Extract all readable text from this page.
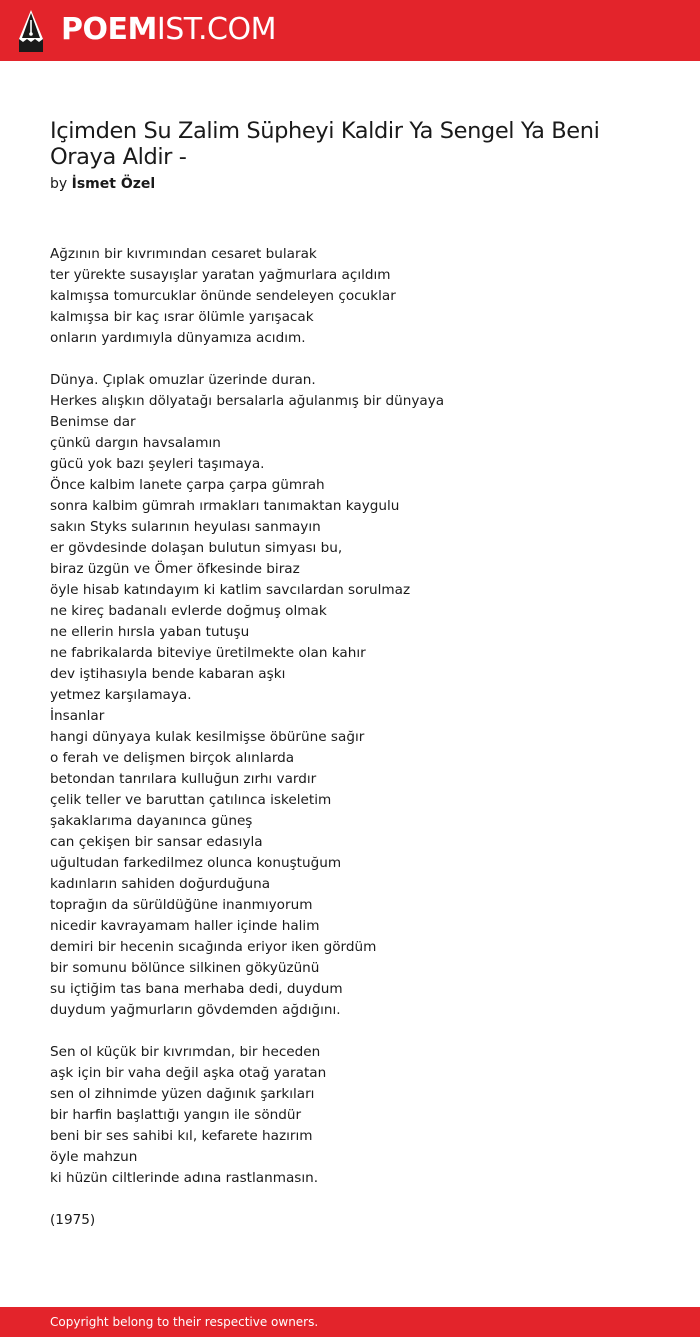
POEMIST.COM
Içimden Su Zalim Süpheyi Kaldir Ya Sengel Ya Beni Oraya Aldir -
by İsmet Özel
Ağzının bir kıvrımından cesaret bularak
ter yürekte susayışlar yaratan yağmurlara açıldım
kalmışsa tomurcuklar önünde sendeleyen çocuklar
kalmışsa bir kaç ısrar ölümle yarışacak
onların yardımıyla dünyamıza acıdım.
Dünya. Çıplak omuzlar üzerinde duran.
Herkes alışkın dölyatağı bersalarla ağulanmış bir dünyaya
Benimse dar
çünkü dargın havsalamın
gücü yok bazı şeyleri taşımaya.
Önce kalbim lanete çarpa çarpa gümrah
sonra kalbim gümrah ırmakları tanımaktan kaygulu
sakın Styks sularının heyulası sanmayın
er gövdesinde dolaşan bulutun simyası bu,
biraz üzgün ve Ömer öfkesinde biraz
öyle hisab katındayım ki katlim savcılardan sorulmaz
ne kireç badanalı evlerde doğmuş olmak
ne ellerin hırsla yaban tutuşu
ne fabrikalarda biteviye üretilmekte olan kahır
dev iştihasıyla bende kabaran aşkı
yetmez karşılamaya.
İnsanlar
hangi dünyaya kulak kesilmişse öbürüne sağır
o ferah ve delişmen birçok alınlarda
betondan tanrılara kulluğun zırhı vardır
çelik teller ve baruttan çatılınca iskeletim
şakaklarıma dayanınca güneş
can çekişen bir sansar edasıyla
uğultudan farkedilmez olunca konuştuğum
kadınların sahiden doğurduğuna
toprağın da sürüldüğüne inanmıyorum
nicedir kavrayamam haller içinde halim
demiri bir hecenin sıcağında eriyor iken gördüm
bir somunu bölünce silkinen gökyüzünü
su içtiğim tas bana merhaba dedi, duydum
duydum yağmurların gövdemden ağdığını.
Sen ol küçük bir kıvrımdan, bir heceden
aşk için bir vaha değil aşka otağ yaratan
sen ol zihnimde yüzen dağınık şarkıları
bir harfin başlattığı yangın ile söndür
beni bir ses sahibi kıl, kefarete hazırım
öyle mahzun
ki hüzün ciltlerinde adına rastlanmasın.
(1975)
Copyright belong to their respective owners.
